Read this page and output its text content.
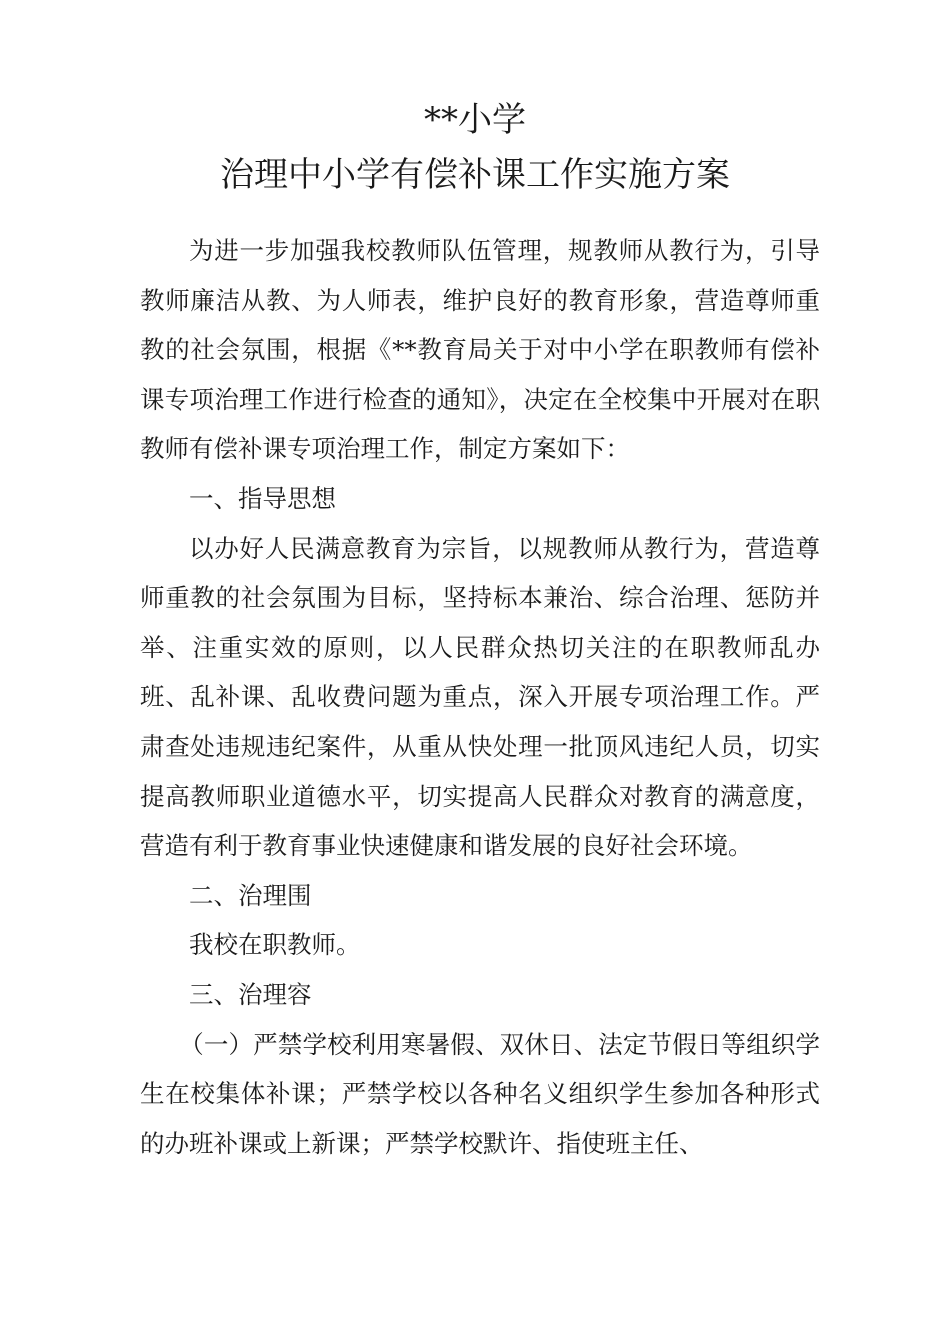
**小学
治理中小学有偿补课工作实施方案

为进一步加强我校教师队伍管理，规教师从教行为，引导教师廉洁从教、为人师表，维护良好的教育形象，营造尊师重教的社会氛围，根据《**教育局关于对中小学在职教师有偿补课专项治理工作进行检查的通知》，决定在全校集中开展对在职教师有偿补课专项治理工作，制定方案如下：

一、指导思想

以办好人民满意教育为宗旨，以规教师从教行为，营造尊师重教的社会氛围为目标，坚持标本兼治、综合治理、惩防并举、注重实效的原则，以人民群众热切关注的在职教师乱办班、乱补课、乱收费问题为重点，深入开展专项治理工作。严肃查处违规违纪案件，从重从快处理一批顶风违纪人员，切实提高教师职业道德水平，切实提高人民群众对教育的满意度，营造有利于教育事业快速健康和谐发展的良好社会环境。

二、治理围

我校在职教师。

三、治理容

（一）严禁学校利用寒暑假、双休日、法定节假日等组织学生在校集体补课；严禁学校以各种名义组织学生参加各种形式的办班补课或上新课；严禁学校默许、指使班主任、
